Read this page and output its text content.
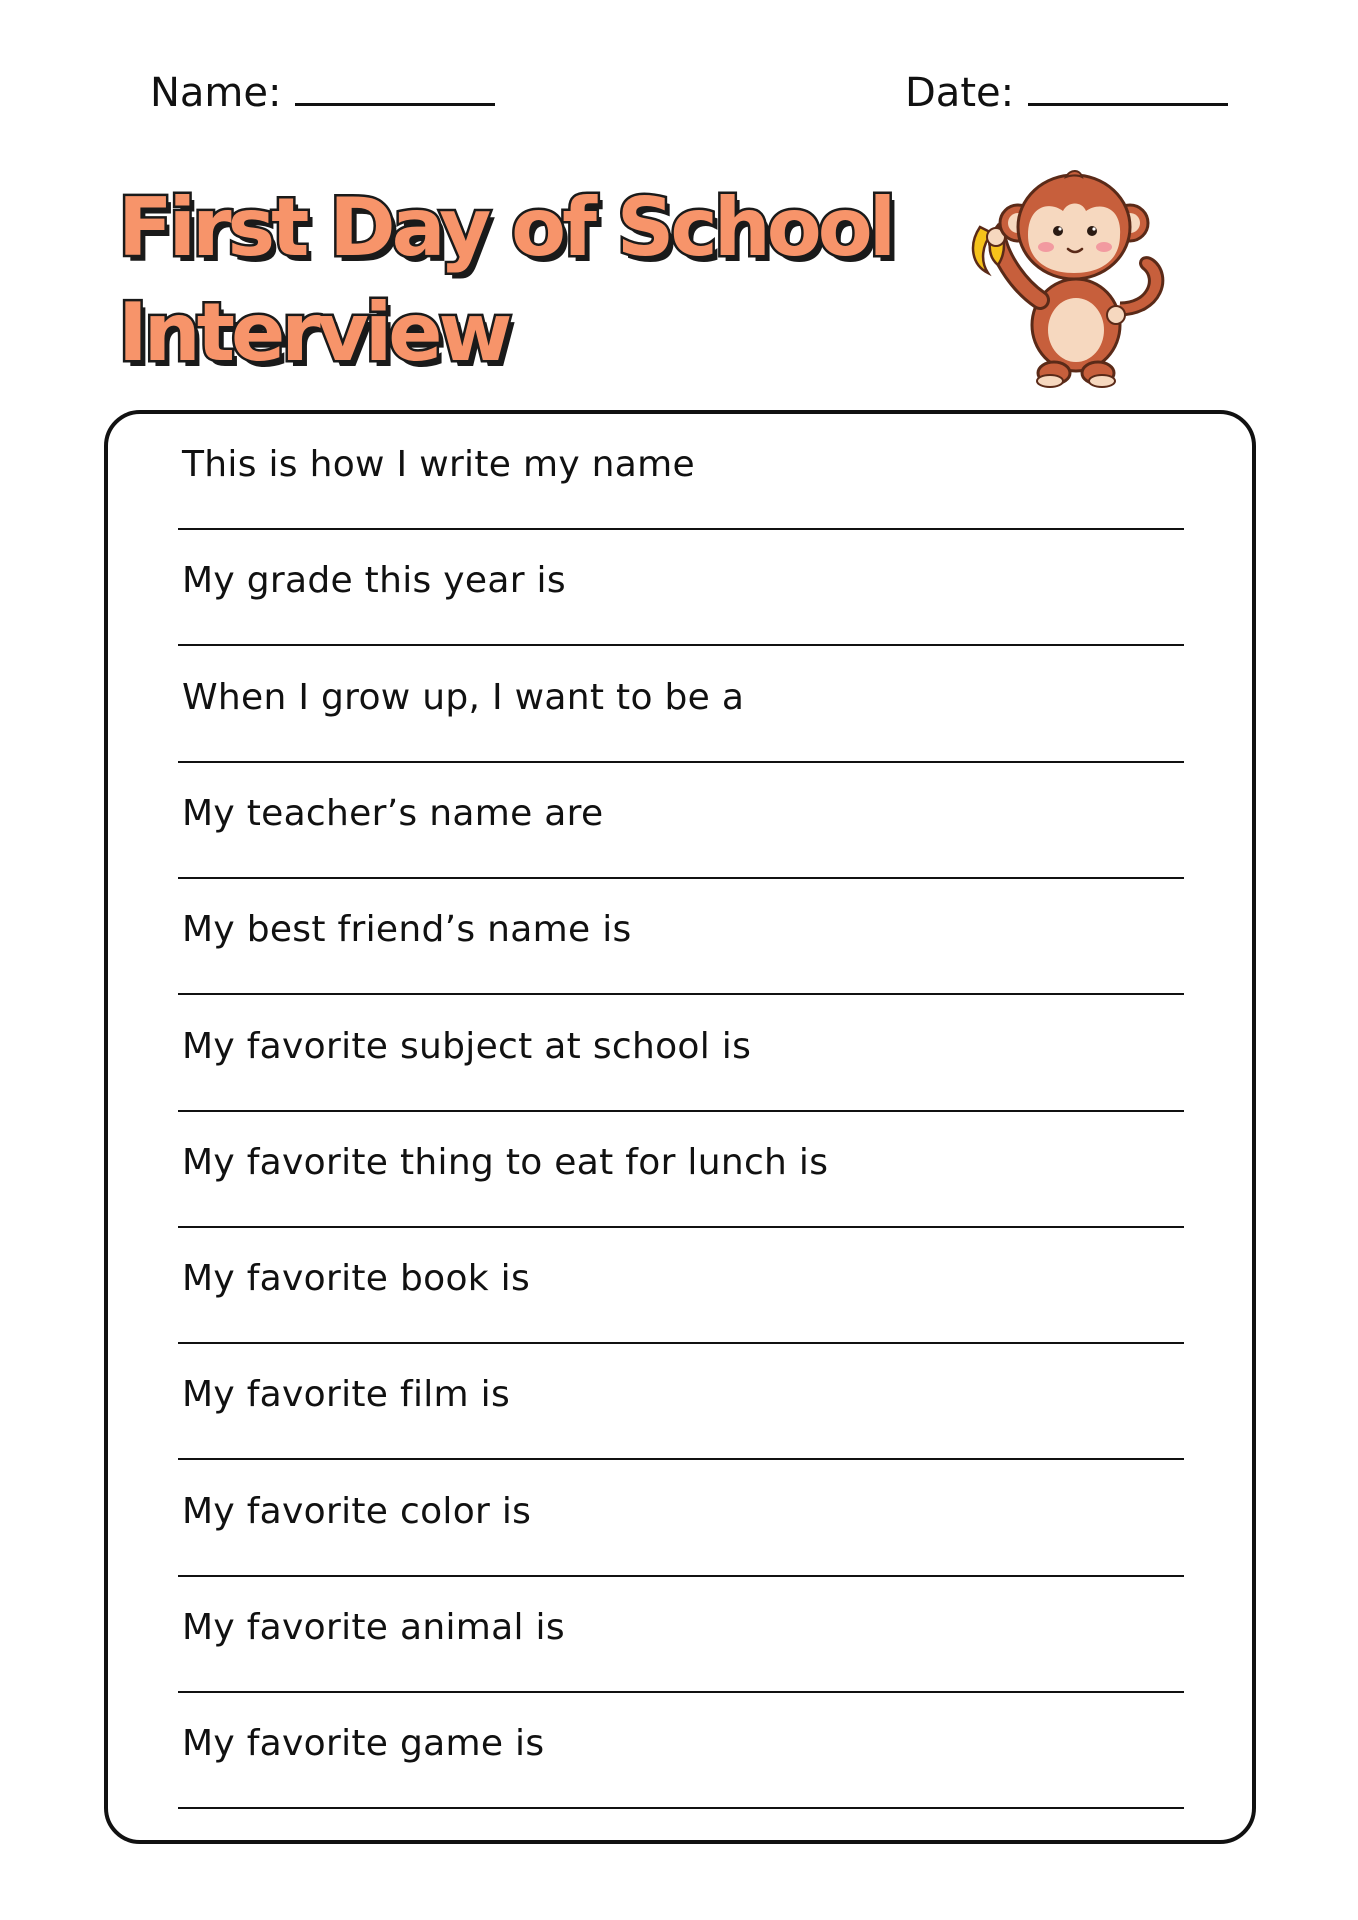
Name:	Date:
First Day of School
Interview
This is how I write my name
My grade this year is
When I grow up, I want to be a
My teacher’s name are
My best friend’s name is
My favorite subject at school is
My favorite thing to eat for lunch is
My favorite book is
My favorite film is
My favorite color is
My favorite animal is
My favorite game is
